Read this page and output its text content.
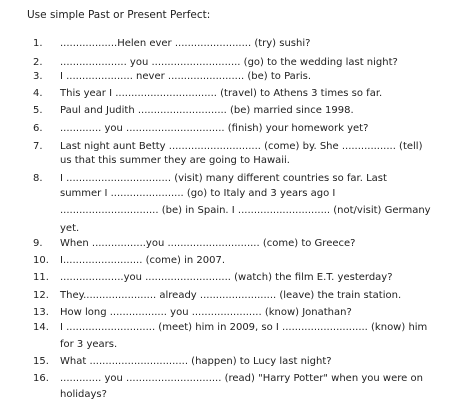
Use simple Past or Present Perfect:
1. ..................Helen ever ........................ (try) sushi?
2. ..................... you ............................ (go) to the wedding last night?
3. I ..................... never ........................ (be) to Paris.
4. This year I ................................ (travel) to Athens 3 times so far.
5. Paul and Judith ............................ (be) married since 1998.
6. ............. you ............................... (finish) your homework yet?
7. Last night aunt Betty ............................. (come) by. She ................. (tell)
us that this summer they are going to Hawaii.
8. I ................................. (visit) many different countries so far. Last
summer I ....................... (go) to Italy and 3 years ago I
............................... (be) in Spain. I ............................. (not/visit) Germany
yet.
9. When .................you ............................. (come) to Greece?
10. I......................... (come) in 2007.
11. ....................you ........................... (watch) the film E.T. yesterday?
12. They....................... already ........................ (leave) the train station.
13. How long .................. you ...................... (know) Jonathan?
14. I ............................ (meet) him in 2009, so I ........................... (know) him
for 3 years.
15. What ............................... (happen) to Lucy last night?
16. ............. you .............................. (read) "Harry Potter" when you were on
holidays?
